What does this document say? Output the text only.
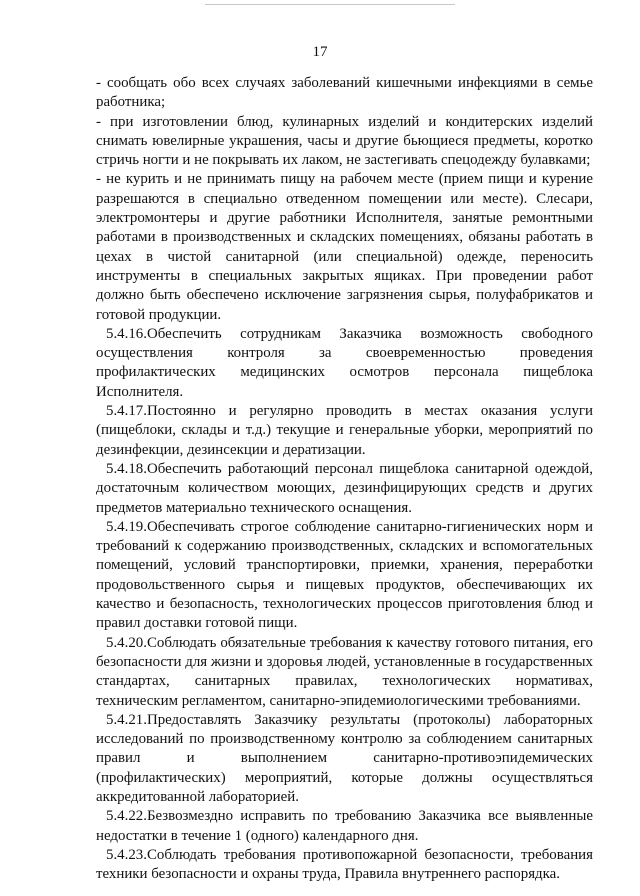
17

- сообщать обо всех случаях заболеваний кишечными инфекциями в семье работника;

- при изготовлении блюд, кулинарных изделий и кондитерских изделий снимать ювелирные украшения, часы и другие бьющиеся предметы, коротко стричь ногти и не покрывать их лаком, не застегивать спецодежду булавками;

- не курить и не принимать пищу на рабочем месте (прием пищи и курение разрешаются в специально отведенном помещении или месте). Слесари, электромонтеры и другие работники Исполнителя, занятые ремонтными работами в производственных и складских помещениях, обязаны работать в цехах в чистой санитарной (или специальной) одежде, переносить инструменты в специальных закрытых ящиках. При проведении работ должно быть обеспечено исключение загрязнения сырья, полуфабрикатов и готовой продукции.

5.4.16.Обеспечить сотрудникам Заказчика возможность свободного осуществления контроля за своевременностью проведения профилактических медицинских осмотров персонала пищеблока Исполнителя.

5.4.17.Постоянно и регулярно проводить в местах оказания услуги (пищеблоки, склады и т.д.) текущие и генеральные уборки, мероприятий по дезинфекции, дезинсекции и дератизации.

5.4.18.Обеспечить работающий персонал пищеблока санитарной одеждой, достаточным количеством моющих, дезинфицирующих средств и других предметов материально технического оснащения.

5.4.19.Обеспечивать строгое соблюдение санитарно-гигиенических норм и требований к содержанию производственных, складских и вспомогательных помещений, условий транспортировки, приемки, хранения, переработки продовольственного сырья и пищевых продуктов, обеспечивающих их качество и безопасность, технологических процессов приготовления блюд и правил доставки готовой пищи.

5.4.20.Соблюдать обязательные требования к качеству готового питания, его безопасности для жизни и здоровья людей, установленные в государственных стандартах, санитарных правилах, технологических нормативах, техническим регламентом, санитарно-эпидемиологическими требованиями.

5.4.21.Предоставлять Заказчику результаты (протоколы) лабораторных исследований по производственному контролю за соблюдением санитарных правил и выполнением санитарно-противоэпидемических (профилактических) мероприятий, которые должны осуществляться аккредитованной лабораторией.

5.4.22.Безвозмездно исправить по требованию Заказчика все выявленные недостатки в течение 1 (одного) календарного дня.

5.4.23.Соблюдать требования противопожарной безопасности, требования техники безопасности и охраны труда, Правила внутреннего распорядка.
